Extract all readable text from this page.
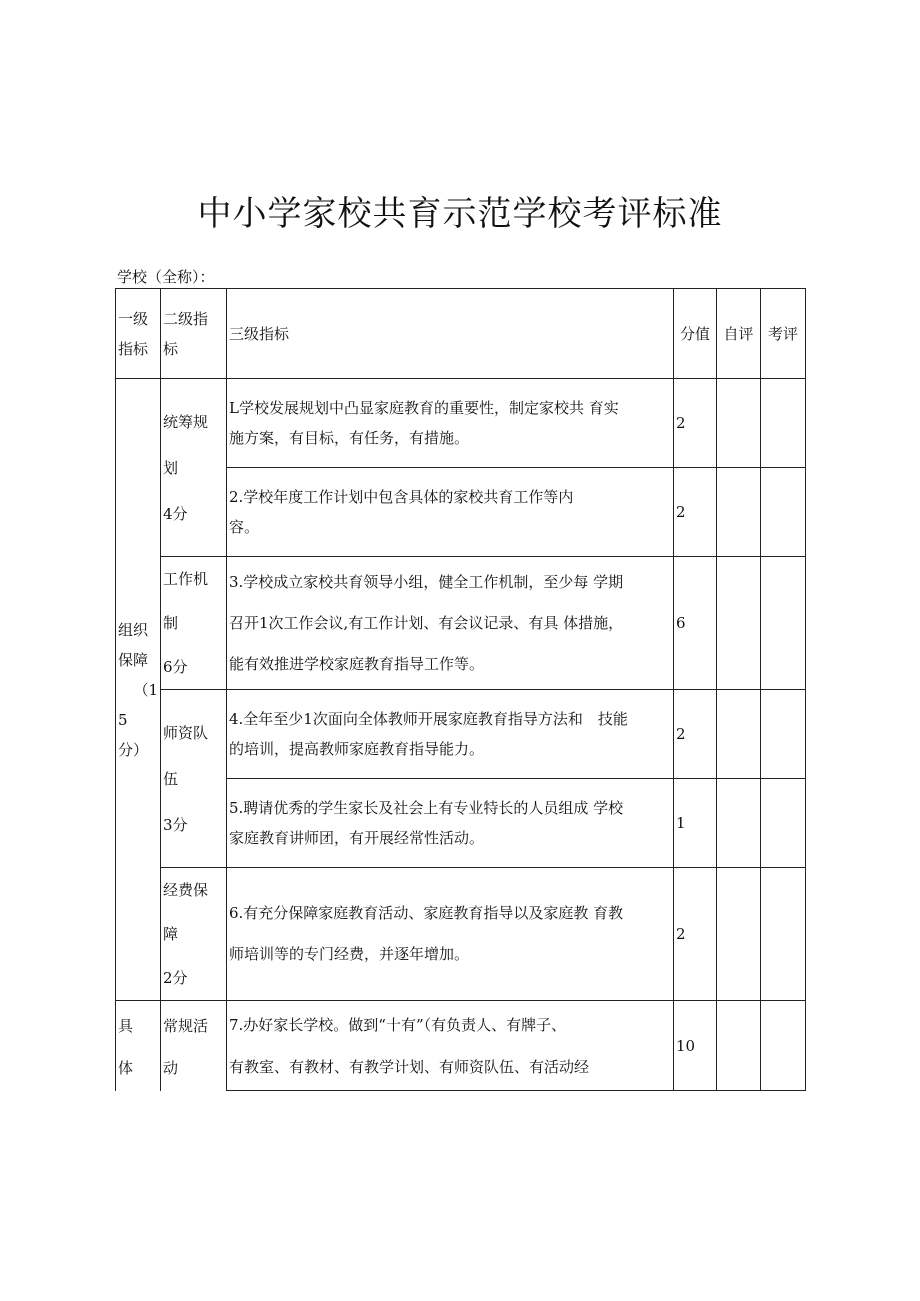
中小学家校共育示范学校考评标准
学校（全称）：
一级
指标	二级指
标	三级指标	分值	自评	考评

组织
保障
（1
5
分）	统筹规
划
4分	L学校发展规划中凸显家庭教育的重要性，制定家校共 育实
施方案，有目标，有任务，有措施。	2		

		2.学校年度工作计划中包含具体的家校共育工作等内
容。	2		

	工作机
制
6分	3.学校成立家校共育领导小组，健全工作机制，至少每 学期
召开1次工作会议,有工作计划、有会议记录、有具 体措施，
能有效推进学校家庭教育指导工作等。	6		

	师资队
伍
3分	4.全年至少1次面向全体教师开展家庭教育指导方法和　技能
的培训，提高教师家庭教育指导能力。	2		

		5.聘请优秀的学生家长及社会上有专业特长的人员组成 学校
家庭教育讲师团，有开展经常性活动。	1		

	经费保
障
2分	6.有充分保障家庭教育活动、家庭教育指导以及家庭教 育教
师培训等的专门经费，并逐年增加。	2		

具
体	常规活
动	7.办好家长学校。做到“十有”（有负责人、有牌子、
有教室、有教材、有教学计划、有师资队伍、有活动经	10		
